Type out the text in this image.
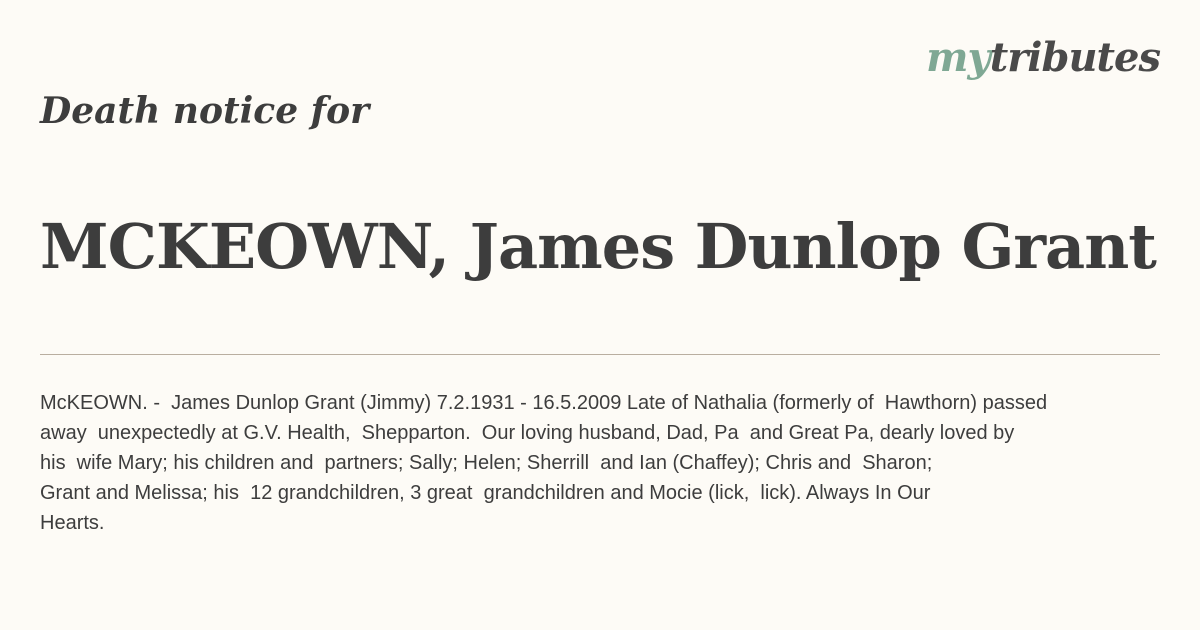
mytributes
Death notice for
MCKEOWN, James Dunlop Grant

McKEOWN. -  James Dunlop Grant (Jimmy) 7.2.1931 - 16.5.2009 Late of Nathalia (formerly of  Hawthorn) passed
away  unexpectedly at G.V. Health,  Shepparton.  Our loving husband, Dad, Pa  and Great Pa, dearly loved by
his  wife Mary; his children and  partners; Sally; Helen; Sherrill  and Ian (Chaffey); Chris and  Sharon;
Grant and Melissa; his  12 grandchildren, 3 great  grandchildren and Mocie (lick,  lick). Always In Our
Hearts.
